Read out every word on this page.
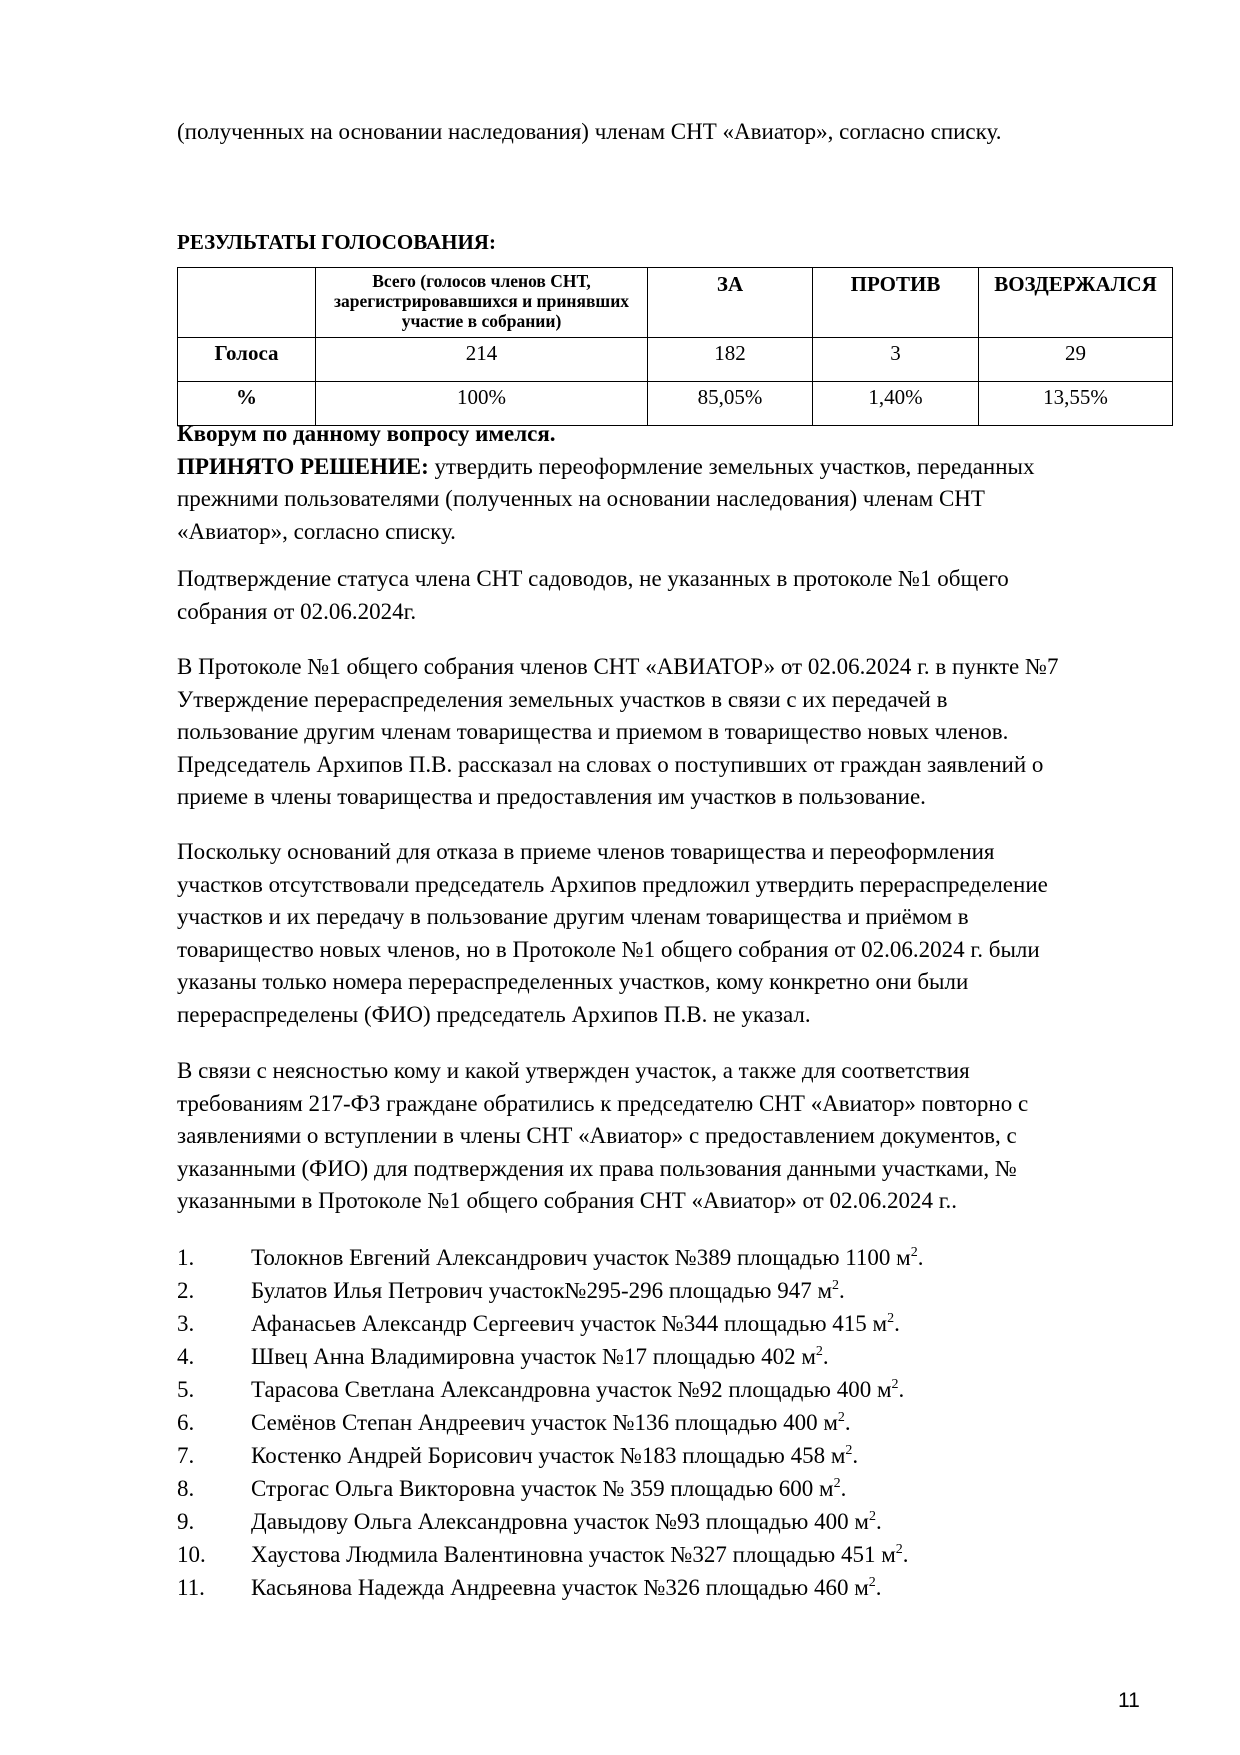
(полученных на основании наследования) членам СНТ «Авиатор», согласно списку.
РЕЗУЛЬТАТЫ ГОЛОСОВАНИЯ:

	Всего (голосов членов СНТ,
зарегистрировавшихся и принявших
участие в собрании)	ЗА	ПРОТИВ	ВОЗДЕРЖАЛСЯ
Голоса	214	182	3	29
%	100%	85,05%	1,40%	13,55%

Кворум по данному вопросу имелся.

ПРИНЯТО РЕШЕНИЕ: утвердить переоформление земельных участков, переданных

прежними пользователями (полученных на основании наследования) членам СНТ

«Авиатор», согласно списку.

Подтверждение статуса члена СНТ садоводов, не указанных в протоколе №1 общего

собрания от 02.06.2024г.

В Протоколе №1 общего собрания членов СНТ «АВИАТОР» от 02.06.2024 г. в пункте №7

Утверждение перераспределения земельных участков в связи с их передачей в

пользование другим членам товарищества и приемом в товарищество новых членов.

Председатель Архипов П.В. рассказал на словах о поступивших от граждан заявлений о

приеме в члены товарищества и предоставления им участков в пользование.

Поскольку оснований для отказа в приеме членов товарищества и переоформления

участков отсутствовали председатель Архипов предложил утвердить перераспределение

участков и их передачу в пользование другим членам товарищества и приёмом в

товарищество новых членов, но в Протоколе №1 общего собрания от 02.06.2024 г. были

указаны только номера перераспределенных участков, кому конкретно они были

перераспределены (ФИО) председатель Архипов П.В. не указал.

В связи с неясностью кому и какой утвержден участок, а также для соответствия

требованиям 217-ФЗ граждане обратились к председателю СНТ «Авиатор» повторно с

заявлениями о вступлении в члены СНТ «Авиатор» с предоставлением документов, с

указанными (ФИО) для подтверждения их права пользования данными участками, №

указанными в Протоколе №1 общего собрания СНТ «Авиатор» от 02.06.2024 г..

1. Толокнов Евгений Александрович участок №389 площадью 1100 $м^2$.
2. Булатов Илья Петрович участок№295-296 площадью 947 $м^2$.
3. Афанасьев Александр Сергеевич участок №344 площадью 415 $м^2$.
4. Швец Анна Владимировна участок №17 площадью 402 $м^2$.
5. Тарасова Светлана Александровна участок №92 площадью 400 $м^2$.
6. Семёнов Степан Андреевич участок №136 площадью 400 $м^2$.
7. Костенко Андрей Борисович участок №183 площадью 458 $м^2$.
8. Строгас Ольга Викторовна участок № 359 площадью 600 $м^2$.
9. Давыдову Ольга Александровна участок №93 площадью 400 $м^2$.
10. Хаустова Людмила Валентиновна участок №327 площадью 451 $м^2$.
11. Касьянова Надежда Андреевна участок №326 площадью 460 $м^2$.
11
